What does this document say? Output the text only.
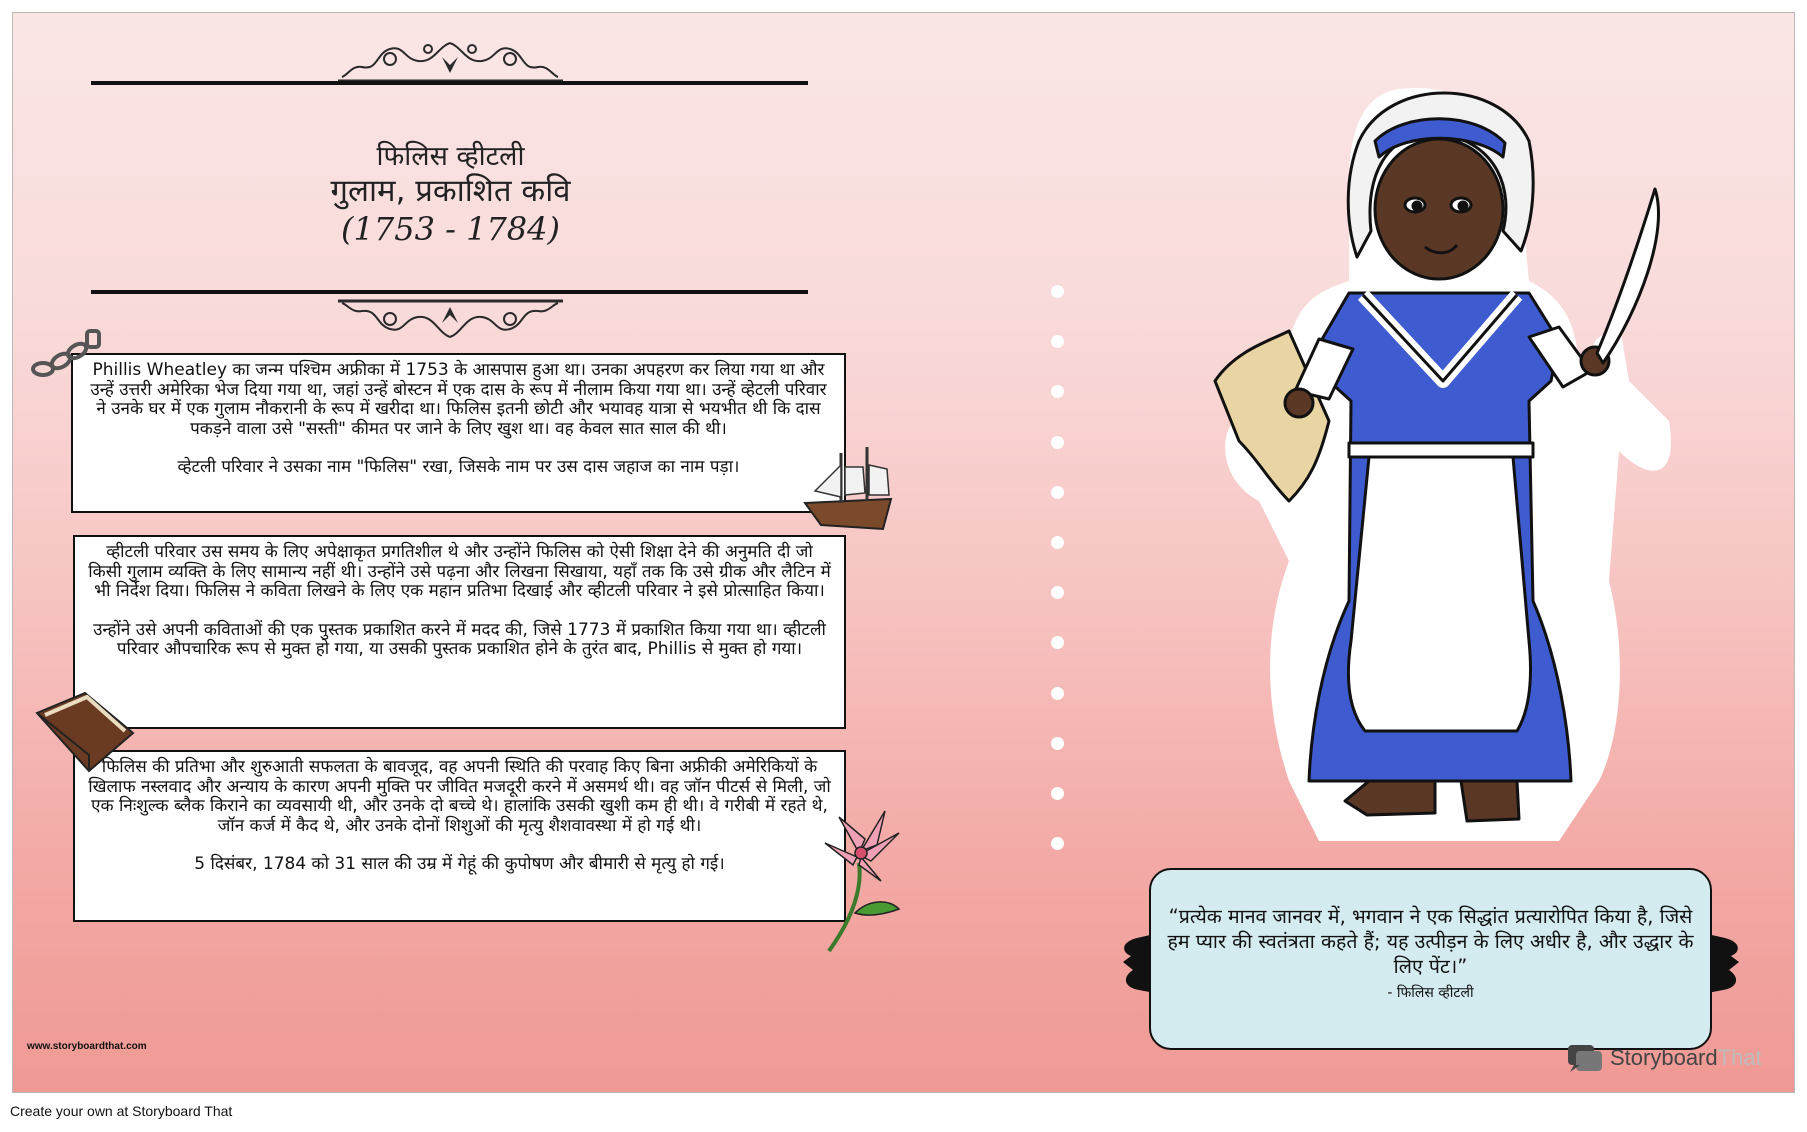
फिलिस व्हीटली
गुलाम, प्रकाशित कवि
(1753 - 1784)

Phillis Wheatley का जन्म पश्चिम अफ्रीका में 1753 के आसपास हुआ था। उनका अपहरण कर लिया गया था और उन्हें उत्तरी अमेरिका भेज दिया गया था, जहां उन्हें बोस्टन में एक दास के रूप में नीलाम किया गया था। उन्हें व्हेटली परिवार ने उनके घर में एक गुलाम नौकरानी के रूप में खरीदा था। फिलिस इतनी छोटी और भयावह यात्रा से भयभीत थी कि दास पकड़ने वाला उसे "सस्ती" कीमत पर जाने के लिए खुश था। वह केवल सात साल की थी।

व्हेटली परिवार ने उसका नाम "फिलिस" रखा, जिसके नाम पर उस दास जहाज का नाम पड़ा।

व्हीटली परिवार उस समय के लिए अपेक्षाकृत प्रगतिशील थे और उन्होंने फिलिस को ऐसी शिक्षा देने की अनुमति दी जो किसी गुलाम व्यक्ति के लिए सामान्य नहीं थी। उन्होंने उसे पढ़ना और लिखना सिखाया, यहाँ तक कि उसे ग्रीक और लैटिन में भी निर्देश दिया। फिलिस ने कविता लिखने के लिए एक महान प्रतिभा दिखाई और व्हीटली परिवार ने इसे प्रोत्साहित किया।

उन्होंने उसे अपनी कविताओं की एक पुस्तक प्रकाशित करने में मदद की, जिसे 1773 में प्रकाशित किया गया था। व्हीटली परिवार औपचारिक रूप से मुक्त हो गया, या उसकी पुस्तक प्रकाशित होने के तुरंत बाद, Phillis से मुक्त हो गया।

फिलिस की प्रतिभा और शुरुआती सफलता के बावजूद, वह अपनी स्थिति की परवाह किए बिना अफ्रीकी अमेरिकियों के खिलाफ नस्लवाद और अन्याय के कारण अपनी मुक्ति पर जीवित मजदूरी करने में असमर्थ थी। वह जॉन पीटर्स से मिली, जो एक निःशुल्क ब्लैक किराने का व्यवसायी थी, और उनके दो बच्चे थे। हालांकि उसकी खुशी कम ही थी। वे गरीबी में रहते थे, जॉन कर्ज में कैद थे, और उनके दोनों शिशुओं की मृत्यु शैशवावस्था में हो गई थी।

5 दिसंबर, 1784 को 31 साल की उम्र में गेहूं की कुपोषण और बीमारी से मृत्यु हो गई।

“प्रत्येक मानव जानवर में, भगवान ने एक सिद्धांत प्रत्यारोपित किया है, जिसे हम प्यार की स्वतंत्रता कहते हैं; यह उत्पीड़न के लिए अधीर है, और उद्धार के लिए पेंट।”
- फिलिस व्हीटली
www.storyboardthat.com	StoryboardThat
Create your own at Storyboard That
